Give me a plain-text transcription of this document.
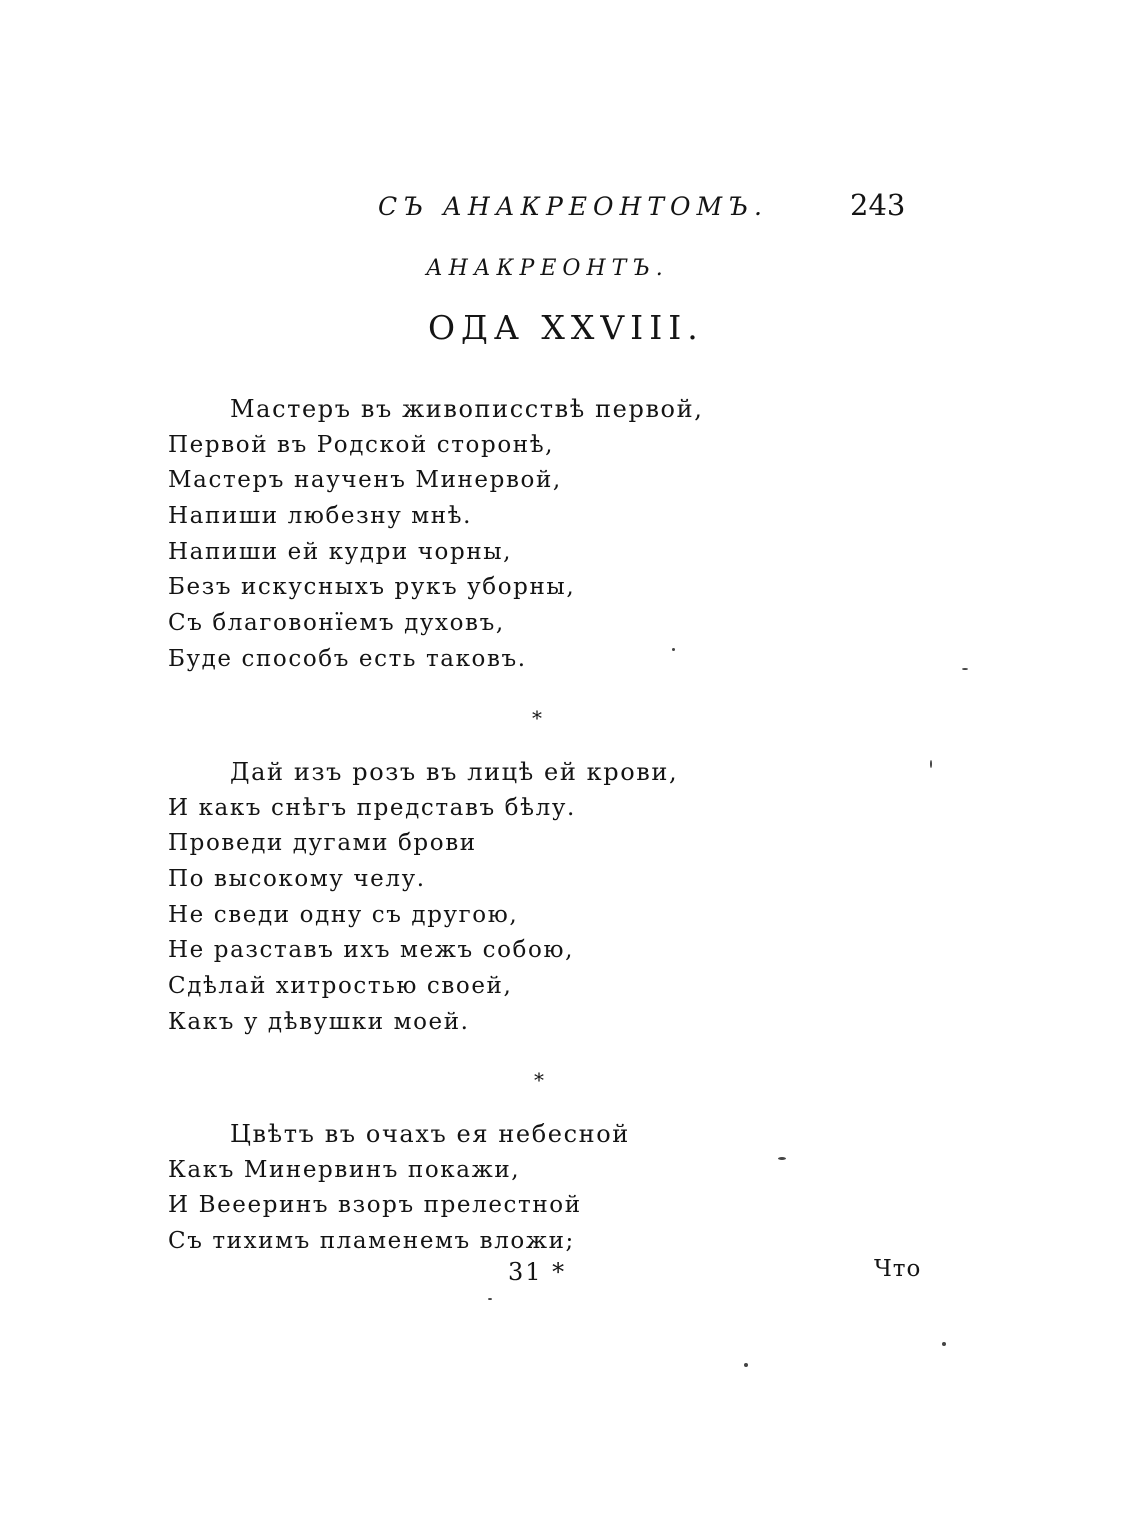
СЪ АНАКРЕОНТОМЪ.	243
АНАКРЕОНТЪ.
ОДА XXVIII.
Мастеръ въ живописствѣ первой,
Первой въ Родской сторонѣ,
Мастеръ наученъ Минервой,
Напиши любезну мнѣ.
Напиши ей кудри чорны,
Безъ искусныхъ рукъ уборны,
Съ благовонїемъ духовъ,
Буде способъ есть таковъ.
*
Дай изъ розъ въ лицѣ ей крови,
И какъ снѣгъ представъ бѣлу.
Проведи дугами брови
По высокому челу.
Не сведи одну съ другою,
Не разставъ ихъ межъ собою,
Сдѣлай хитростью своей,
Какъ у дѣвушки моей.
*
Цвѣтъ въ очахъ ея небесной
Какъ Минервинъ покажи,
И Веееринъ взоръ прелестной
Съ тихимъ пламенемъ вложи;
31 *	Что
